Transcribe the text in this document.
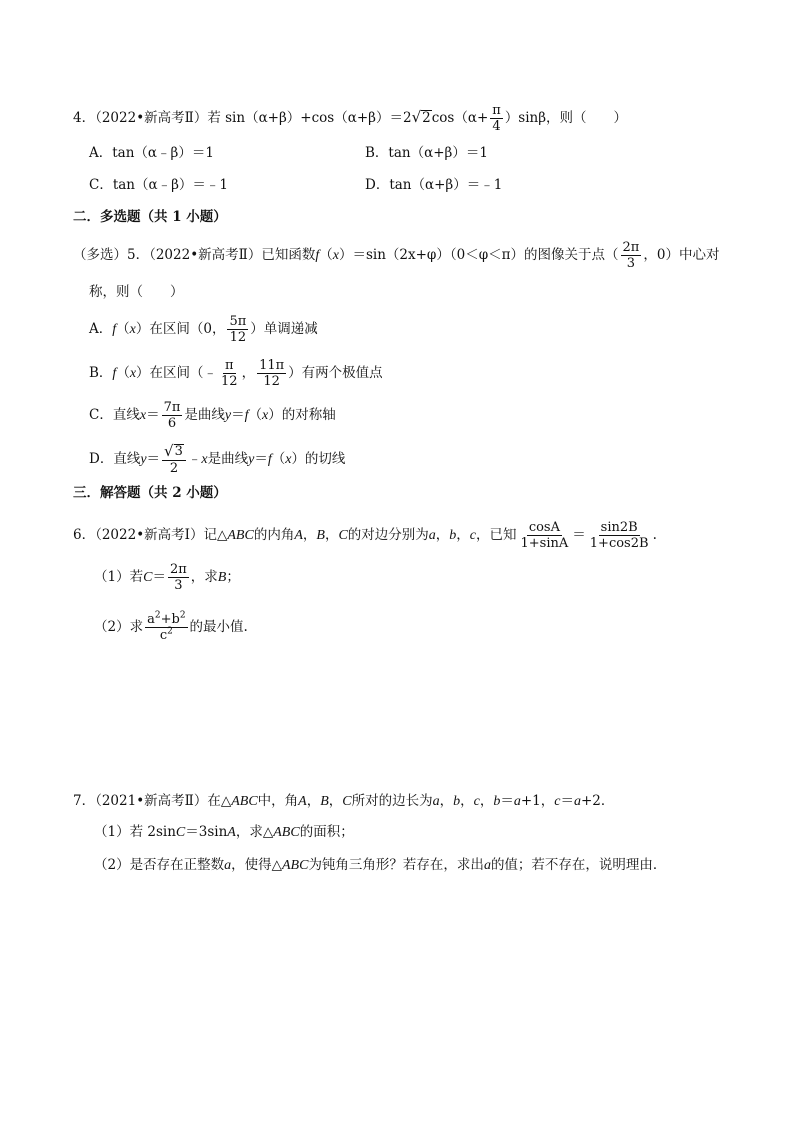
4．（2022•新高考Ⅱ）若 sin（α+β）+cos（α+β）＝2 √ 2 $\cos(\alpha+ \frac{\pi}{4} )\sin\beta$，则（　　）
A．tan（α﹣β）＝1	B．tan（α+β）＝1
C．tan（α﹣β）＝﹣1	D．tan（α+β）＝﹣1
二．多选题（共 1 小题）
（多选）5．（2022•新高考Ⅱ）已知函数f（x）＝sin（2x+φ）（0＜φ＜π）的图像关于点（ $\frac{2\pi}{3}$ ，0）中心对
称，则（　　）
A．f（x）在区间（0， $\frac{5\pi}{12}$ ）单调递减
B．f（x）在区间（﹣ $\frac{\pi}{12}$ ， $\frac{11\pi}{12}$ ）有两个极值点
C．直线$x= \frac{7\pi}{6}$ 是曲线y＝f（x）的对称轴
D．直线$y= \frac{√ 3}{2}$ ﹣x是曲线y＝f（x）的切线
三．解答题（共 2 小题）
6．（2022•新高考Ⅰ）记△ABC的内角A，B，C的对边分别为a，b，c，已知 $\frac{\cos A}{1+\sin A} = \frac{\sin 2B}{1+\cos 2B}$ .
（1）若$C= \frac{2\pi}{3}$ ，求B；
（2）求 $\frac{a^2+b^2}{c^2}$ 的最小值.
7．（2021•新高考Ⅱ）在△ABC中，角A，B，C所对的边长为a，b，c，b＝a+1，c＝a+2．
（1）若 2sinC＝3sinA，求△ABC的面积；
（2）是否存在正整数a，使得△ABC为钝角三角形？若存在，求出a的值；若不存在，说明理由．
